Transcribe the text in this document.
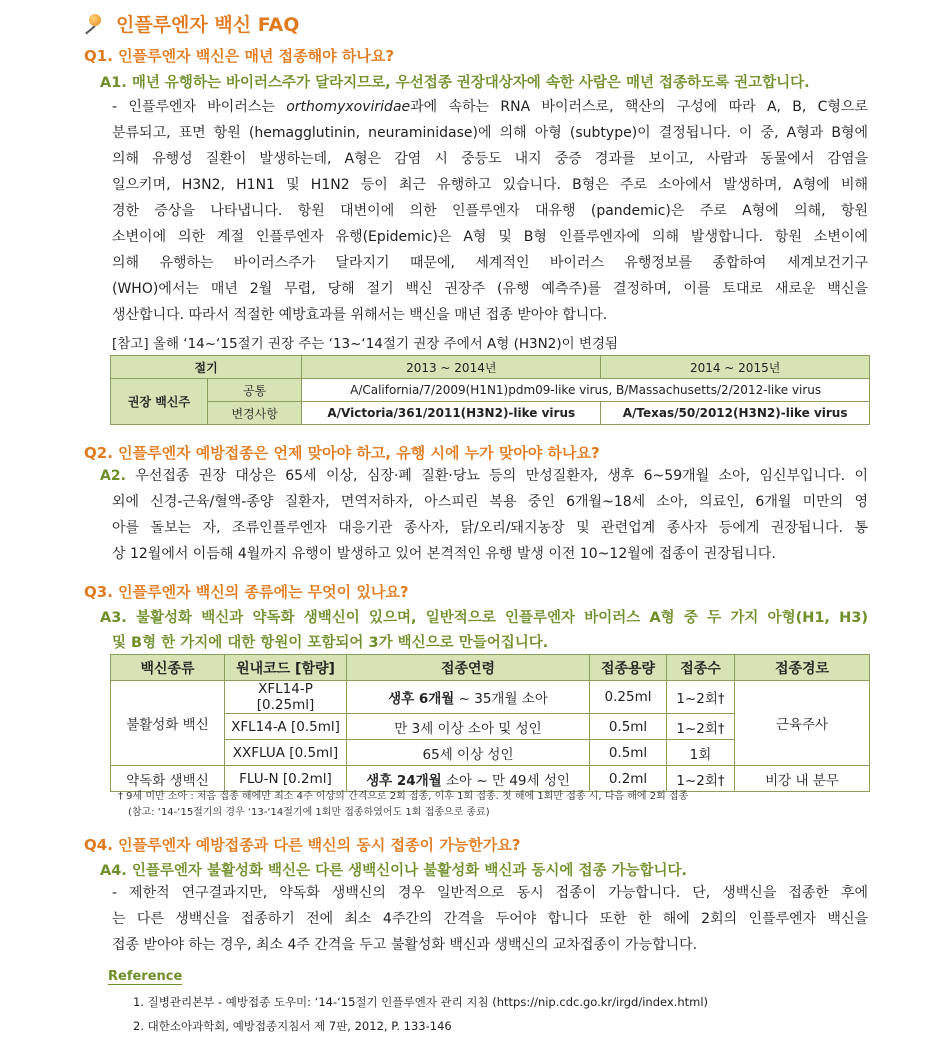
인플루엔자 백신 FAQ
Q1. 인플루엔자 백신은 매년 접종해야 하나요?
A1. 매년 유행하는 바이러스주가 달라지므로, 우선접종 권장대상자에 속한 사람은 매년 접종하도록 권고합니다.
- 인플루엔자 바이러스는 orthomyxoviridae과에 속하는 RNA 바이러스로, 핵산의 구성에 따라 A, B, C형으로
분류되고, 표면 항원 (hemagglutinin, neuraminidase)에 의해 아형 (subtype)이 결정됩니다. 이 중, A형과 B형에
의해 유행성 질환이 발생하는데, A형은 감염 시 중등도 내지 중증 경과를 보이고, 사람과 동물에서 감염을
일으키며, H3N2, H1N1 및 H1N2 등이 최근 유행하고 있습니다. B형은 주로 소아에서 발생하며, A형에 비해
경한 증상을 나타냅니다. 항원 대변이에 의한 인플루엔자 대유행 (pandemic)은 주로 A형에 의해, 항원
소변이에 의한 계절 인플루엔자 유행(Epidemic)은 A형 및 B형 인플루엔자에 의해 발생합니다. 항원 소변이에
의해 유행하는 바이러스주가 달라지기 때문에, 세계적인 바이러스 유행정보를 종합하여 세계보건기구
(WHO)에서는 매년 2월 무렵, 당해 절기 백신 권장주 (유행 예측주)를 결정하며, 이를 토대로 새로운 백신을
생산합니다. 따라서 적절한 예방효과를 위해서는 백신을 매년 접종 받아야 합니다.
[참고] 올해 ‘14~‘15절기 권장 주는 ‘13~‘14절기 권장 주에서 A형 (H3N2)이 변경됨
절기		2013 ~ 2014년	2014 ~ 2015년
권장 백신주	공통	A/California/7/2009(H1N1)pdm09-like virus, B/Massachusetts/2/2012-like virus	
	변경사항	A/Victoria/361/2011(H3N2)-like virus	A/Texas/50/2012(H3N2)-like virus
Q2. 인플루엔자 예방접종은 언제 맞아야 하고, 유행 시에 누가 맞아야 하나요?
A2. 우선접종 권장 대상은 65세 이상, 심장·폐 질환·당뇨 등의 만성질환자, 생후 6~59개월 소아, 임신부입니다. 이
외에 신경-근육/혈액-종양 질환자, 면역저하자, 아스피린 복용 중인 6개월~18세 소아, 의료인, 6개월 미만의 영
아를 돌보는 자, 조류인플루엔자 대응기관 종사자, 닭/오리/돼지농장 및 관련업계 종사자 등에게 권장됩니다. 통
상 12월에서 이듬해 4월까지 유행이 발생하고 있어 본격적인 유행 발생 이전 10~12월에 접종이 권장됩니다.
Q3. 인플루엔자 백신의 종류에는 무엇이 있나요?
A3. 불활성화 백신과 약독화 생백신이 있으며, 일반적으로 인플루엔자 바이러스 A형 중 두 가지 아형(H1, H3)
및 B형 한 가지에 대한 항원이 포함되어 3가 백신으로 만들어집니다.
백신종류	원내코드 [함량]	접종연령	접종용량	접종수	접종경로
불활성화 백신	XFL14-P [0.25ml]	생후 6개월 ~ 35개월 소아	0.25ml	1~2회†	근육주사
	XFL14-A [0.5ml]	만 3세 이상 소아 및 성인	0.5ml	1~2회†	
	XXFLUA [0.5ml]	65세 이상 성인	0.5ml	1회	
약독화 생백신	FLU-N [0.2ml]	생후 24개월 소아 ~ 만 49세 성인	0.2ml	1~2회†	비강 내 분무
† 9세 미만 소아 : 처음 접종 해에만 최소 4주 이상의 간격으로 2회 접종, 이후 1회 접종. 첫 해에 1회만 접종 시, 다음 해에 2회 접종
(참고: ‘14-‘15절기의 경우 ‘13-‘14절기에 1회만 접종하였어도 1회 접종으로 종료)
Q4. 인플루엔자 예방접종과 다른 백신의 동시 접종이 가능한가요?
A4. 인플루엔자 불활성화 백신은 다른 생백신이나 불활성화 백신과 동시에 접종 가능합니다.
- 제한적 연구결과지만, 약독화 생백신의 경우 일반적으로 동시 접종이 가능합니다. 단, 생백신을 접종한 후에
는 다른 생백신을 접종하기 전에 최소 4주간의 간격을 두어야 합니다 또한 한 해에 2회의 인플루엔자 백신을
접종 받아야 하는 경우, 최소 4주 간격을 두고 불활성화 백신과 생백신의 교차접종이 가능합니다.
Reference
1. 질병관리본부 - 예방접종 도우미: ‘14-‘15절기 인플루엔자 관리 지침 (https://nip.cdc.go.kr/irgd/index.html)
2. 대한소아과학회, 예방접종지침서 제 7판, 2012, P. 133-146
